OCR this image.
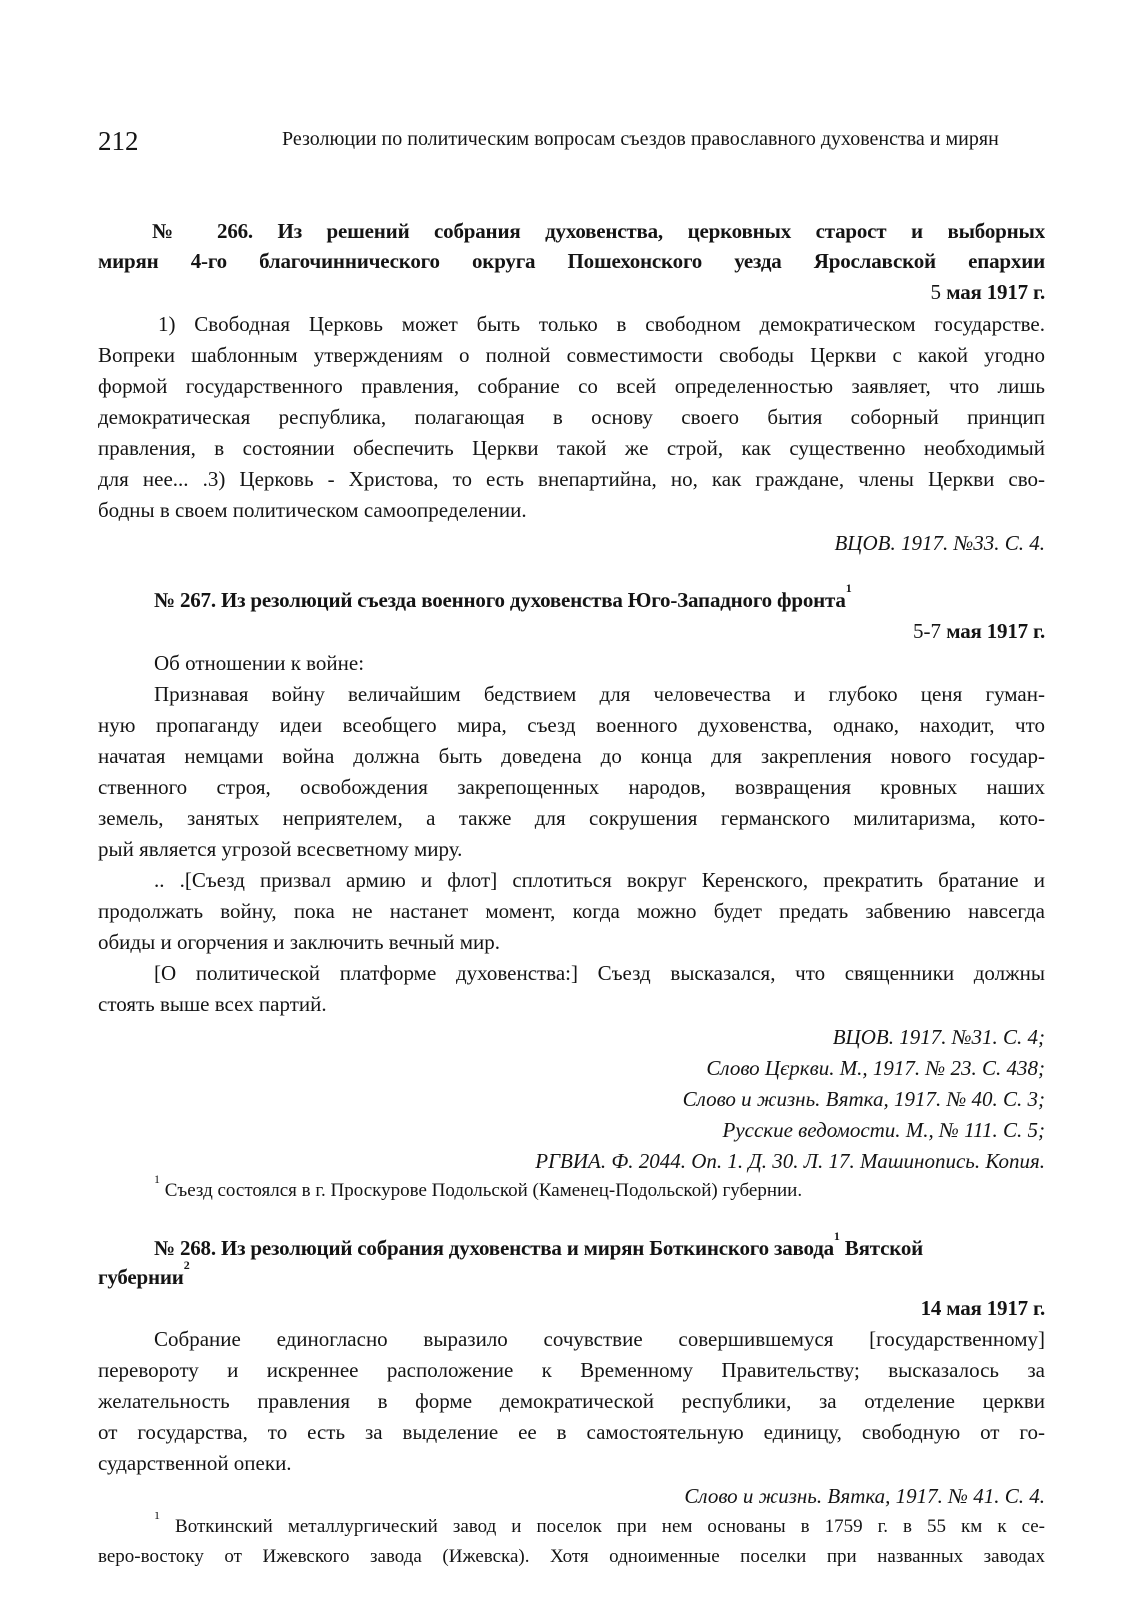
212	Резолюции по политическим вопросам съездов православного духовенства и мирян
№ 266. Из решений собрания духовенства, церковных старост и выборных
мирян 4-го благочиннического округа Пошехонского уезда Ярославской епархии
5 мая 1917 г.
1) Свободная Церковь может быть только в свободном демократическом государстве.
Вопреки шаблонным утверждениям о полной совместимости свободы Церкви с какой угодно
формой государственного правления, собрание со всей определенностью заявляет, что лишь
демократическая республика, полагающая в основу своего бытия соборный принцип
правления, в состоянии обеспечить Церкви такой же строй, как существенно необходимый
для нее... .3) Церковь - Христова, то есть внепартийна, но, как граждане, члены Церкви сво-
бодны в своем политическом самоопределении.
ВЦОВ. 1917. №33. С. 4.
№ 267. Из резолюций съезда военного духовенства Юго-Западного фронта$^1$
5-7 мая 1917 г.
Об отношении к войне:
Признавая войну величайшим бедствием для человечества и глубоко ценя гуман-
ную пропаганду идеи всеобщего мира, съезд военного духовенства, однако, находит, что
начатая немцами война должна быть доведена до конца для закрепления нового государ-
ственного строя, освобождения закрепощенных народов, возвращения кровных наших
земель, занятых неприятелем, а также для сокрушения германского милитаризма, кото-
рый является угрозой всесветному миру.
.. .[Съезд призвал армию и флот] сплотиться вокруг Керенского, прекратить братание и
продолжать войну, пока не настанет момент, когда можно будет предать забвению навсегда
обиды и огорчения и заключить вечный мир.
[О политической платформе духовенства:] Съезд высказался, что священники должны
стоять выше всех партий.
ВЦОВ. 1917. №31. С. 4;
Слово Цєркви. М., 1917. № 23. С. 438;
Слово и жизнь. Вятка, 1917. № 40. С. 3;
Русские ведомости. М., № 111. С. 5;
РГВИА. Ф. 2044. Оп. 1. Д. 30. Л. 17. Машинопись. Копия.
$^1$ Съезд состоялся в г. Проскурове Подольской (Каменец-Подольской) губернии.
№ 268. Из резолюций собрания духовенства и мирян Боткинского завода$^1$ Вятской
губернии$^2$
14 мая 1917 г.
Собрание единогласно выразило сочувствие совершившемуся [государственному]
перевороту и искреннее расположение к Временному Правительству; высказалось за
желательность правления в форме демократической республики, за отделение церкви
от государства, то есть за выделение ее в самостоятельную единицу, свободную от го-
сударственной опеки.
Слово и жизнь. Вятка, 1917. № 41. С. 4.
$^1$ Воткинский металлургический завод и поселок при нем основаны в 1759 г. в 55 км к се-
веро-востоку от Ижевского завода (Ижевска). Хотя одноименные поселки при названных заводах
